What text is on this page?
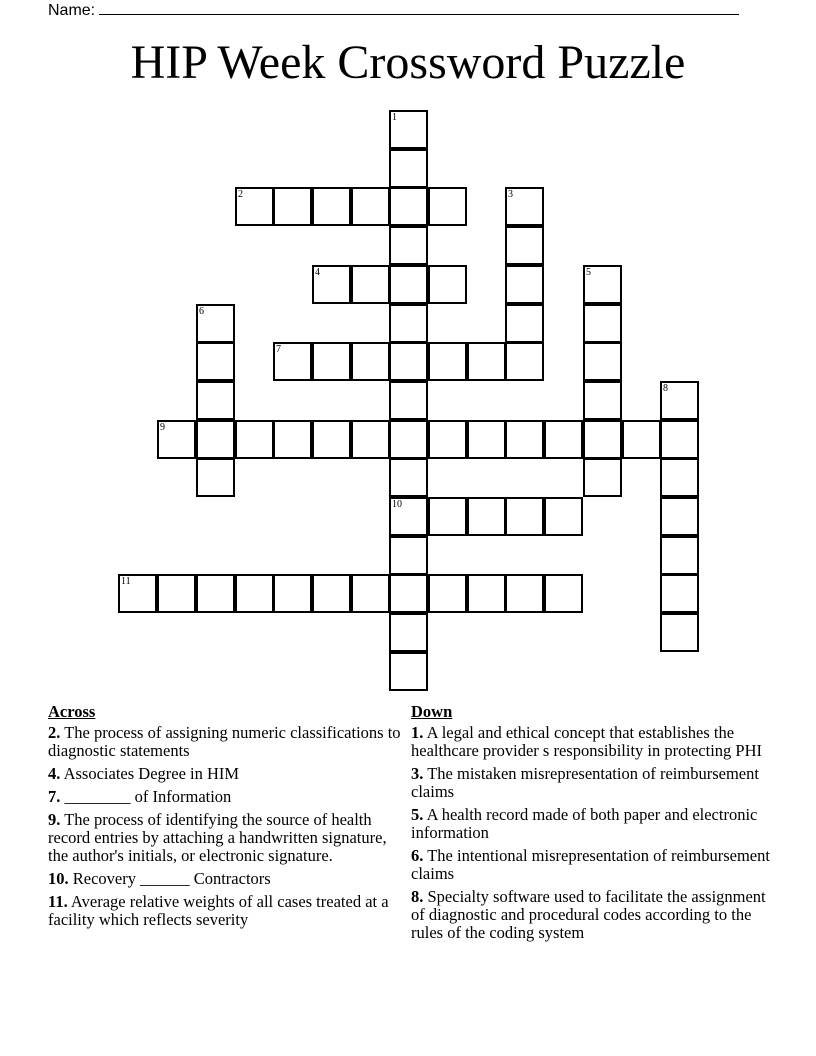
Name:
HIP Week Crossword Puzzle
2
4
7
9
10
11
1
3
5
6
8
Across
2. The process of assigning numeric classifications to diagnostic statements
4. Associates Degree in HIM
7. ________ of Information
9. The process of identifying the source of health record entries by attaching a handwritten signature, the author's initials, or electronic signature.
10. Recovery ______ Contractors
11. Average relative weights of all cases treated at a facility which reflects severity
Down
1. A legal and ethical concept that establishes the healthcare provider s responsibility in protecting PHI
3. The mistaken misrepresentation of reimbursement claims
5. A health record made of both paper and electronic information
6. The intentional misrepresentation of reimbursement claims
8. Specialty software used to facilitate the assignment of diagnostic and procedural codes according to the rules of the coding system
